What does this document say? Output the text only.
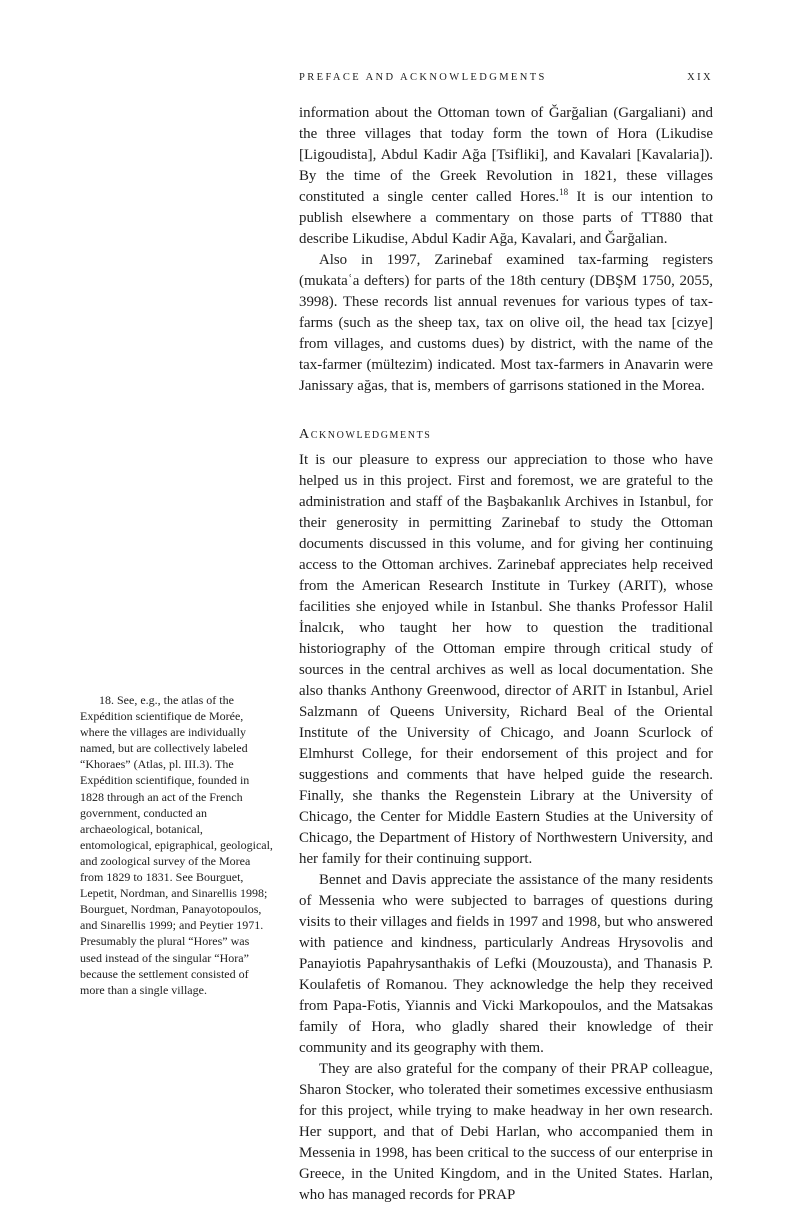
PREFACE AND ACKNOWLEDGMENTS	XIX

information about the Ottoman town of Ğarğalian (Gargaliani) and the three villages that today form the town of Hora (Likudise [Ligoudista], Abdul Kadir Ağa [Tsifliki], and Kavalari [Kavalaria]). By the time of the Greek Revolution in 1821, these villages constituted a single center called Hores.$^{18}$ It is our intention to publish elsewhere a commentary on those parts of TT880 that describe Likudise, Abdul Kadir Ağa, Kavalari, and Ğarğalian.

Also in 1997, Zarinebaf examined tax-farming registers (mukataʿa defters) for parts of the 18th century (DBŞM 1750, 2055, 3998). These records list annual revenues for various types of tax-farms (such as the sheep tax, tax on olive oil, the head tax [cizye] from villages, and customs dues) by district, with the name of the tax-farmer (mültezim) indicated. Most tax-farmers in Anavarin were Janissary ağas, that is, members of garrisons stationed in the Morea.

Acknowledgments

It is our pleasure to express our appreciation to those who have helped us in this project. First and foremost, we are grateful to the administration and staff of the Başbakanlık Archives in Istanbul, for their generosity in permitting Zarinebaf to study the Ottoman documents discussed in this volume, and for giving her continuing access to the Ottoman archives. Zarinebaf appreciates help received from the American Research Institute in Turkey (ARIT), whose facilities she enjoyed while in Istanbul. She thanks Professor Halil İnalcık, who taught her how to question the traditional historiography of the Ottoman empire through critical study of sources in the central archives as well as local documentation. She also thanks Anthony Greenwood, director of ARIT in Istanbul, Ariel Salzmann of Queens University, Richard Beal of the Oriental Institute of the University of Chicago, and Joann Scurlock of Elmhurst College, for their endorsement of this project and for suggestions and comments that have helped guide the research. Finally, she thanks the Regenstein Library at the University of Chicago, the Center for Middle Eastern Studies at the University of Chicago, the Department of History of Northwestern University, and her family for their continuing support.

Bennet and Davis appreciate the assistance of the many residents of Messenia who were subjected to barrages of questions during visits to their villages and fields in 1997 and 1998, but who answered with patience and kindness, particularly Andreas Hrysovolis and Panayiotis Papahrysanthakis of Lefki (Mouzousta), and Thanasis P. Koulafetis of Romanou. They acknowledge the help they received from Papa-Fotis, Yiannis and Vicki Markopoulos, and the Matsakas family of Hora, who gladly shared their knowledge of their community and its geography with them.

They are also grateful for the company of their PRAP colleague, Sharon Stocker, who tolerated their sometimes excessive enthusiasm for this project, while trying to make headway in her own research. Her support, and that of Debi Harlan, who accompanied them in Messenia in 1998, has been critical to the success of our enterprise in Greece, in the United Kingdom, and in the United States. Harlan, who has managed records for PRAP

18. See, e.g., the atlas of the Expédition scientifique de Morée, where the villages are individually named, but are collectively labeled “Khoraes” (Atlas, pl. III.3). The Expédition scientifique, founded in 1828 through an act of the French government, conducted an archaeological, botanical, entomological, epigraphical, geological, and zoological survey of the Morea from 1829 to 1831. See Bourguet, Lepetit, Nordman, and Sinarellis 1998; Bourguet, Nordman, Panayotopoulos, and Sinarellis 1999; and Peytier 1971. Presumably the plural “Hores” was used instead of the singular “Hora” because the settlement consisted of more than a single village.
